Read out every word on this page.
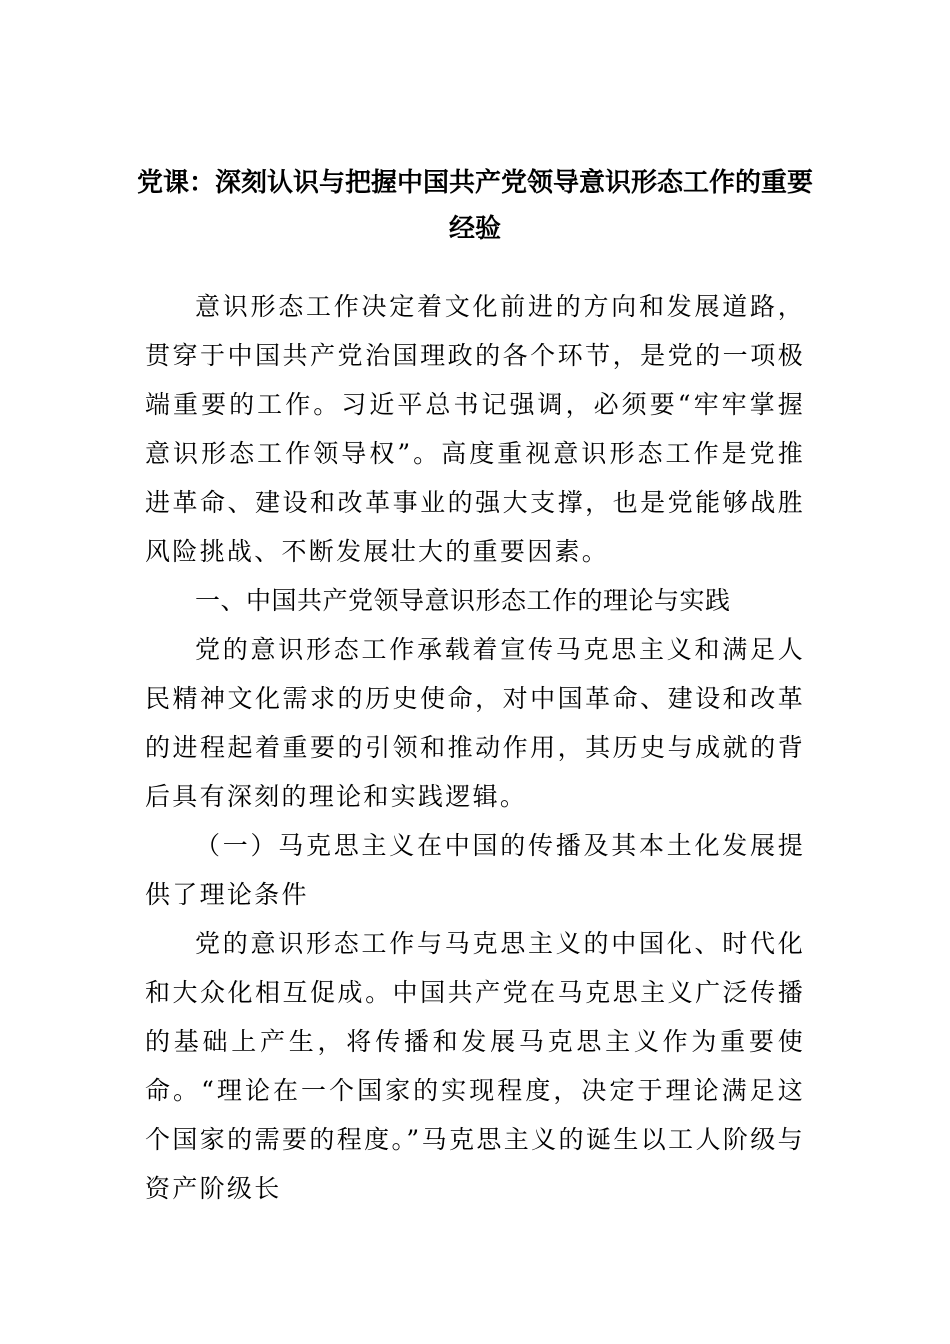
党课：深刻认识与把握中国共产党领导意识形态工作的重要经验

意识形态工作决定着文化前进的方向和发展道路，贯穿于中国共产党治国理政的各个环节，是党的一项极端重要的工作。习近平总书记强调，必须要“牢牢掌握意识形态工作领导权”。高度重视意识形态工作是党推进革命、建设和改革事业的强大支撑，也是党能够战胜风险挑战、不断发展壮大的重要因素。

一、中国共产党领导意识形态工作的理论与实践

党的意识形态工作承载着宣传马克思主义和满足人民精神文化需求的历史使命，对中国革命、建设和改革的进程起着重要的引领和推动作用，其历史与成就的背后具有深刻的理论和实践逻辑。

（一）马克思主义在中国的传播及其本土化发展提供了理论条件

党的意识形态工作与马克思主义的中国化、时代化和大众化相互促成。中国共产党在马克思主义广泛传播的基础上产生，将传播和发展马克思主义作为重要使命。“理论在一个国家的实现程度，决定于理论满足这个国家的需要的程度。”马克思主义的诞生以工人阶级与资产阶级长
